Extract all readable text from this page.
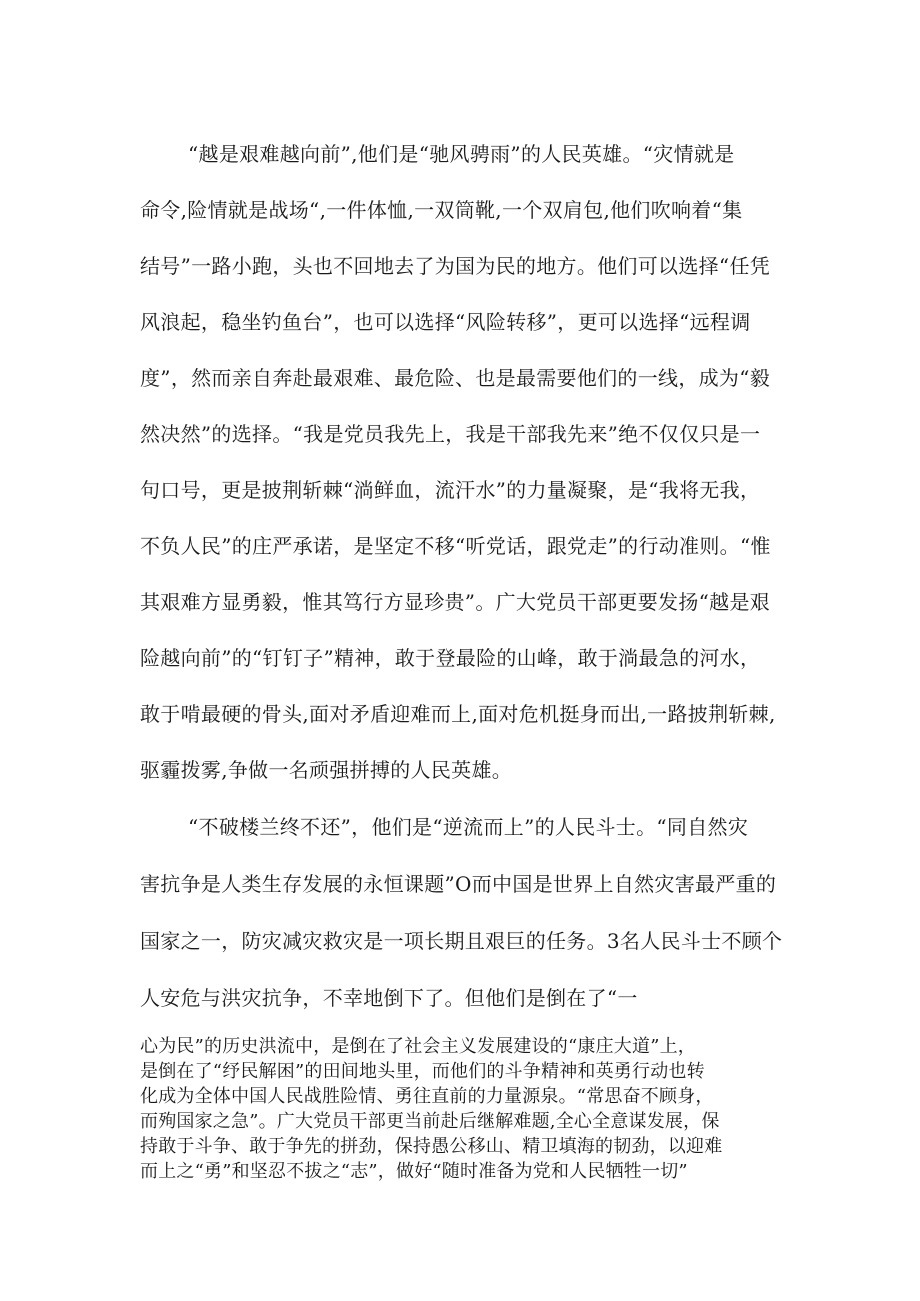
“越是艰难越向前”,他们是“驰风骋雨”的人民英雄。“灾情就是
命令,险情就是战场“,一件体恤,一双筒靴,一个双肩包,他们吹响着“集
结号”一路小跑，头也不回地去了为国为民的地方。他们可以选择“任凭
风浪起，稳坐钓鱼台”，也可以选择“风险转移”，更可以选择“远程调
度”，然而亲自奔赴最艰难、最危险、也是最需要他们的一线，成为“毅
然决然”的选择。“我是党员我先上，我是干部我先来”绝不仅仅只是一
句口号，更是披荆斩棘“淌鲜血，流汗水”的力量凝聚，是“我将无我，
不负人民”的庄严承诺，是坚定不移“听党话，跟党走”的行动准则。“惟
其艰难方显勇毅，惟其笃行方显珍贵”。广大党员干部更要发扬“越是艰
险越向前”的“钉钉子”精神，敢于登最险的山峰，敢于淌最急的河水，
敢于啃最硬的骨头,面对矛盾迎难而上,面对危机挺身而出,一路披荆斩棘,
驱霾拨雾,争做一名顽强拼搏的人民英雄。
“不破楼兰终不还”，他们是“逆流而上”的人民斗士。“同自然灾
害抗争是人类生存发展的永恒课题”O而中国是世界上自然灾害最严重的
国家之一，防灾减灾救灾是一项长期且艰巨的任务。3名人民斗士不顾个
人安危与洪灾抗争，不幸地倒下了。但他们是倒在了“一
心为民”的历史洪流中，是倒在了社会主义发展建设的“康庄大道”上，
是倒在了“纾民解困”的田间地头里，而他们的斗争精神和英勇行动也转
化成为全体中国人民战胜险情、勇往直前的力量源泉。“常思奋不顾身，
而殉国家之急”。广大党员干部更当前赴后继解难题,全心全意谋发展，保
持敢于斗争、敢于争先的拼劲，保持愚公移山、精卫填海的韧劲，以迎难
而上之“勇”和坚忍不拔之“志”，做好“随时准备为党和人民牺牲一切”
